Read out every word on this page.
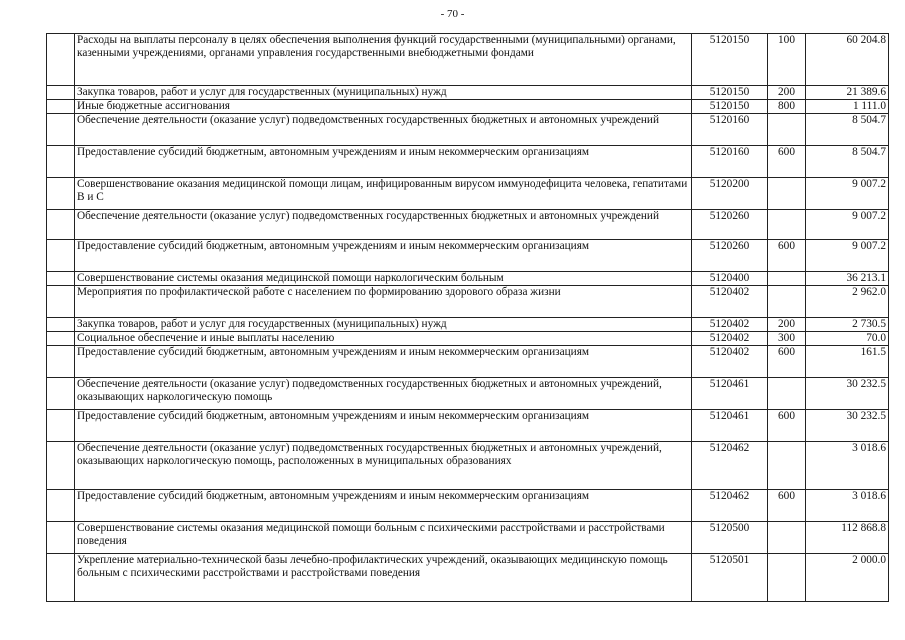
- 70 -
	Расходы на выплаты персоналу в целях обеспечения выполнения функций государственными (муниципальными) органами, казенными учреждениями, органами управления государственными внебюджетными фондами	5120150	100	60 204.8
	Закупка товаров, работ и услуг для государственных (муниципальных) нужд	5120150	200	21 389.6
	Иные бюджетные ассигнования	5120150	800	1 111.0
	Обеспечение деятельности (оказание услуг) подведомственных государственных бюджетных и автономных учреждений	5120160		8 504.7
	Предоставление субсидий бюджетным, автономным учреждениям и иным некоммерческим организациям	5120160	600	8 504.7
	Совершенствование оказания медицинской помощи лицам, инфицированным вирусом иммунодефицита человека, гепатитами В и С	5120200		9 007.2
	Обеспечение деятельности (оказание услуг) подведомственных государственных бюджетных и автономных учреждений	5120260		9 007.2
	Предоставление субсидий бюджетным, автономным учреждениям и иным некоммерческим организациям	5120260	600	9 007.2
	Совершенствование системы оказания медицинской помощи наркологическим больным	5120400		36 213.1
	Мероприятия по профилактической работе с населением по формированию здорового образа жизни	5120402		2 962.0
	Закупка товаров, работ и услуг для государственных (муниципальных) нужд	5120402	200	2 730.5
	Социальное обеспечение и иные выплаты населению	5120402	300	70.0
	Предоставление субсидий бюджетным, автономным учреждениям и иным некоммерческим организациям	5120402	600	161.5
	Обеспечение деятельности (оказание услуг) подведомственных государственных бюджетных и автономных учреждений, оказывающих наркологическую помощь	5120461		30 232.5
	Предоставление субсидий бюджетным, автономным учреждениям и иным некоммерческим организациям	5120461	600	30 232.5
	Обеспечение деятельности (оказание услуг) подведомственных государственных бюджетных и автономных учреждений, оказывающих наркологическую помощь, расположенных в муниципальных образованиях	5120462		3 018.6
	Предоставление субсидий бюджетным, автономным учреждениям и иным некоммерческим организациям	5120462	600	3 018.6
	Совершенствование системы оказания медицинской помощи больным с психическими расстройствами и расстройствами поведения	5120500		112 868.8
	Укрепление материально-технической базы лечебно-профилактических учреждений, оказывающих медицинскую помощь больным с психическими расстройствами и расстройствами поведения	5120501		2 000.0
